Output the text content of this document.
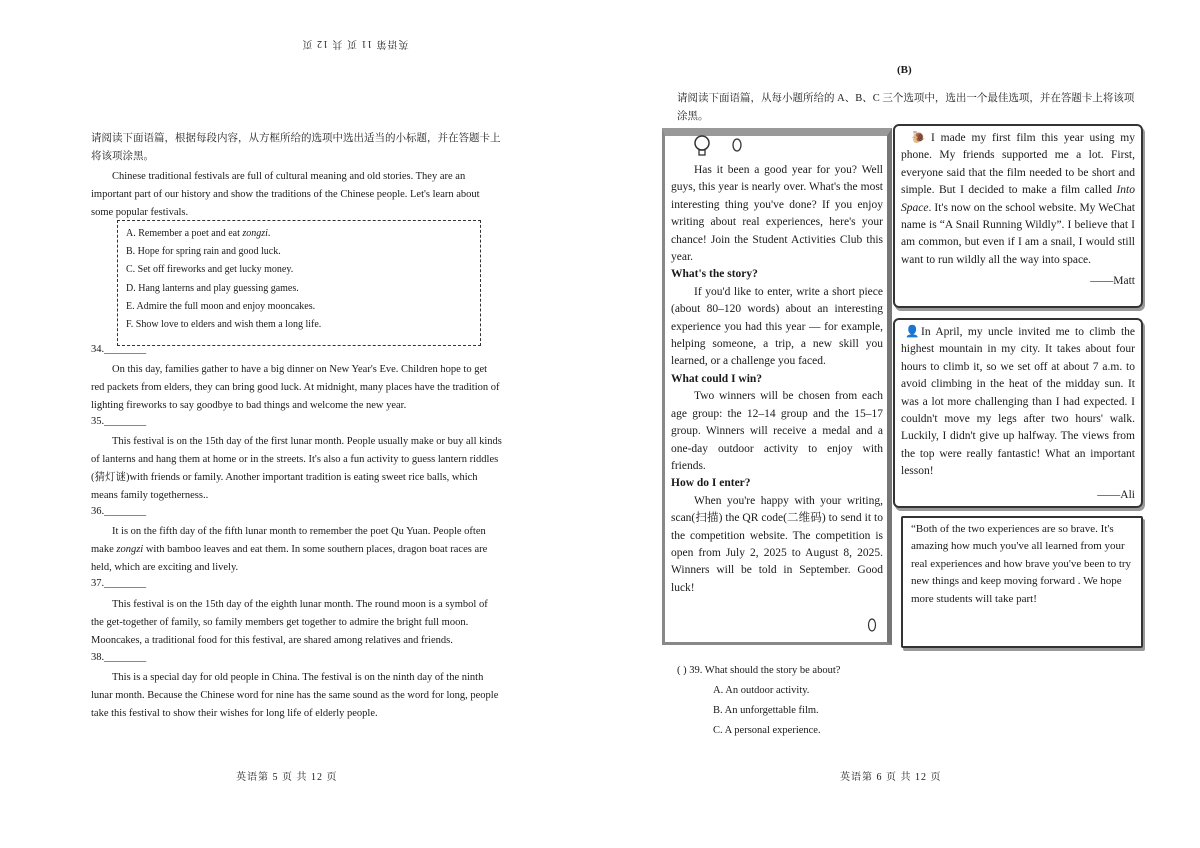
英语第 11 页 共 12 页
请阅读下面语篇，根据每段内容，从方框所给的选项中选出适当的小标题，并在答题卡上将该项涂黑。
Chinese traditional festivals are full of cultural meaning and old stories. They are an important part of our history and show the traditions of the Chinese people. Let's learn about some popular festivals.
A. Remember a poet and eat zongzi.
B. Hope for spring rain and good luck.
C. Set off fireworks and get lucky money.
D. Hang lanterns and play guessing games.
E. Admire the full moon and enjoy mooncakes.
F. Show love to elders and wish them a long life.
34.________
On this day, families gather to have a big dinner on New Year's Eve. Children hope to get red packets from elders, they can bring good luck. At midnight, many places have the tradition of lighting fireworks to say goodbye to bad things and welcome the new year.
35.________
This festival is on the 15th day of the first lunar month. People usually make or buy all kinds of lanterns and hang them at home or in the streets. It's also a fun activity to guess lantern riddles (猜灯谜)with friends or family. Another important tradition is eating sweet rice balls, which means family togetherness..
36.________
It is on the fifth day of the fifth lunar month to remember the poet Qu Yuan. People often make zongzi with bamboo leaves and eat them. In some southern places, dragon boat races are held, which are exciting and lively.
37.________
This festival is on the 15th day of the eighth lunar month. The round moon is a symbol of the get-together of family, so family members get together to admire the bright full moon. Mooncakes, a traditional food for this festival, are shared among relatives and friends.
38.________
This is a special day for old people in China. The festival is on the ninth day of the ninth lunar month. Because the Chinese word for nine has the same sound as the word for long, people take this festival to show their wishes for long life of elderly people.
英语第 5 页 共 12 页
(B)
请阅读下面语篇，从每小题所给的 A、B、C 三个选项中，选出一个最佳选项，并在答题卡上将该项涂黑。
Has it been a good year for you? Well guys, this year is nearly over. What's the most interesting thing you've done? If you enjoy writing about real experiences, here's your chance! Join the Student Activities Club this year.
What's the story?
If you'd like to enter, write a short piece (about 80–120 words) about an interesting experience you had this year — for example, helping someone, a trip, a new skill you learned, or a challenge you faced.
What could I win?
Two winners will be chosen from each age group: the 12–14 group and the 15–17 group. Winners will receive a medal and a one-day outdoor activity to enjoy with friends.
How do I enter?
When you're happy with your writing, scan(扫描) the QR code(二维码) to send it to the competition website. The competition is open from July 2, 2025 to August 8, 2025. Winners will be told in September. Good luck!
🐌 I made my first film this year using my phone. My friends supported me a lot. First, everyone said that the film needed to be short and simple. But I decided to make a film called Into Space. It's now on the school website. My WeChat name is “A Snail Running Wildly”. I believe that I am common, but even if I am a snail, I would still want to run wildly all the way into space.
——Matt
👤 In April, my uncle invited me to climb the highest mountain in my city. It takes about four hours to climb it, so we set off at about 7 a.m. to avoid climbing in the heat of the midday sun. It was a lot more challenging than I had expected. I couldn't move my legs after two hours' walk. Luckily, I didn't give up halfway. The views from the top were really fantastic! What an important lesson!
——Ali
“Both of the two experiences are so brave. It's amazing how much you've all learned from your real experiences and how brave you've been to try new things and keep moving forward . We hope more students will take part!
( ) 39. What should the story be about?
A. An outdoor activity.
B. An unforgettable film.
C. A personal experience.
英语第 6 页 共 12 页
